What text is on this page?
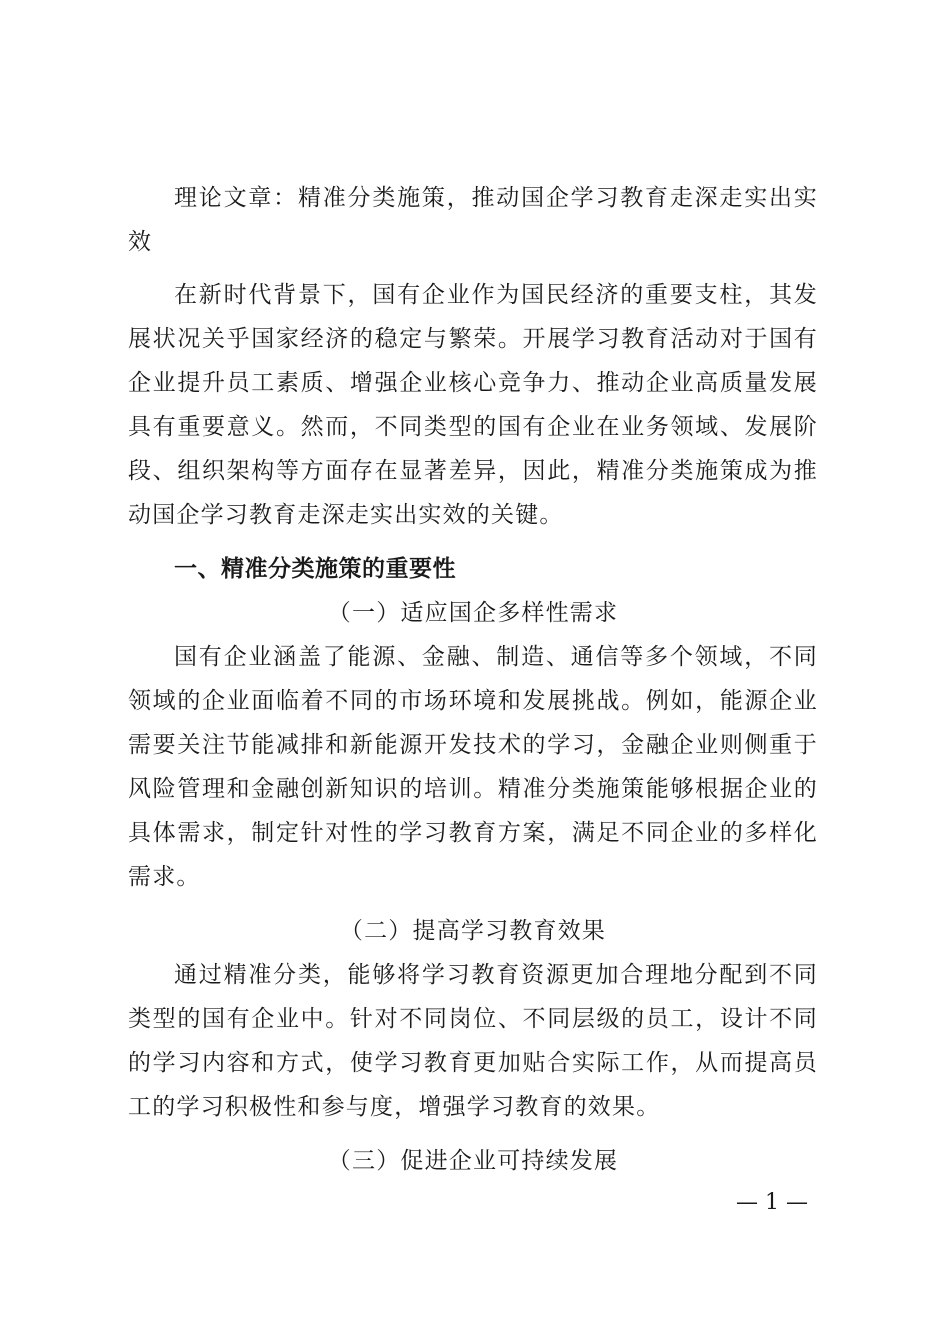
理论文章：精准分类施策，推动国企学习教育走深走实出实效

在新时代背景下，国有企业作为国民经济的重要支柱，其发展状况关乎国家经济的稳定与繁荣。开展学习教育活动对于国有企业提升员工素质、增强企业核心竞争力、推动企业高质量发展具有重要意义。然而，不同类型的国有企业在业务领域、发展阶段、组织架构等方面存在显著差异，因此，精准分类施策成为推动国企学习教育走深走实出实效的关键。

一、精准分类施策的重要性
（一）适应国企多样性需求

国有企业涵盖了能源、金融、制造、通信等多个领域，不同领域的企业面临着不同的市场环境和发展挑战。例如，能源企业需要关注节能减排和新能源开发技术的学习，金融企业则侧重于风险管理和金融创新知识的培训。精准分类施策能够根据企业的具体需求，制定针对性的学习教育方案，满足不同企业的多样化需求。

（二）提高学习教育效果

通过精准分类，能够将学习教育资源更加合理地分配到不同类型的国有企业中。针对不同岗位、不同层级的员工，设计不同的学习内容和方式，使学习教育更加贴合实际工作，从而提高员工的学习积极性和参与度，增强学习教育的效果。

（三）促进企业可持续发展
— 1 —
